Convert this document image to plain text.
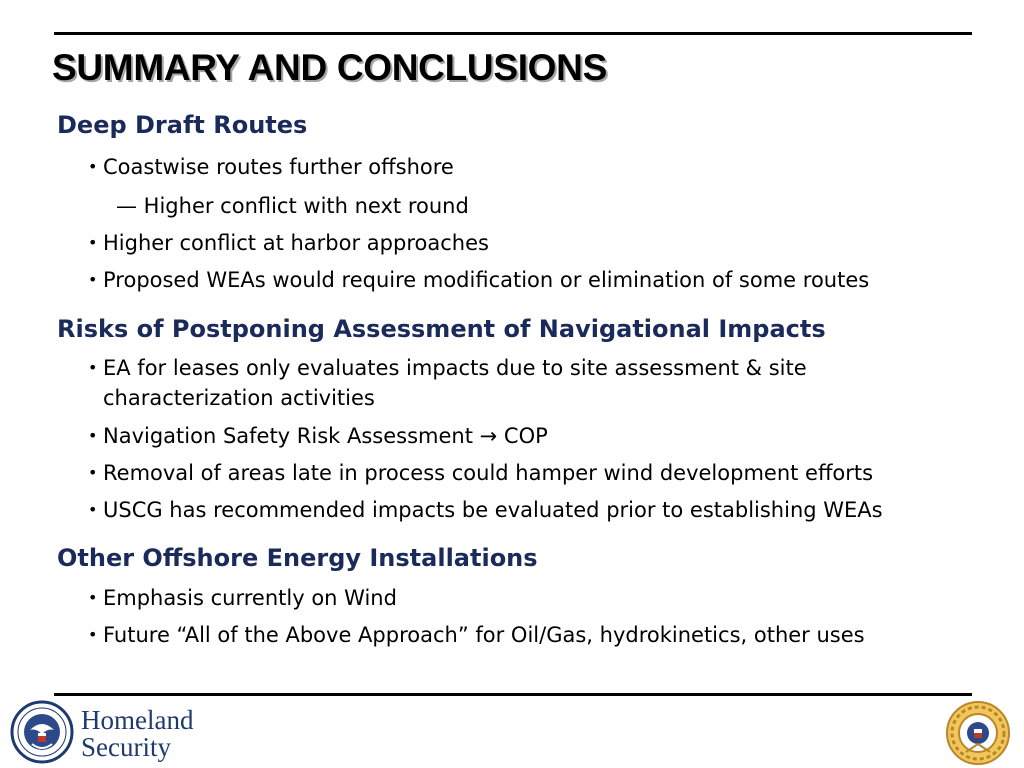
SUMMARY AND CONCLUSIONS
Deep Draft Routes
• Coastwise routes further offshore
— Higher conflict with next round
• Higher conflict at harbor approaches
• Proposed WEAs would require modification or elimination of some routes
Risks of Postponing Assessment of Navigational Impacts
• EA for leases only evaluates impacts due to site assessment & site
characterization activities
• Navigation Safety Risk Assessment → COP
• Removal of areas late in process could hamper wind development efforts
• USCG has recommended impacts be evaluated prior to establishing WEAs
Other Offshore Energy Installations
• Emphasis currently on Wind
• Future “All of the Above Approach” for Oil/Gas, hydrokinetics, other uses
Homeland
Security
